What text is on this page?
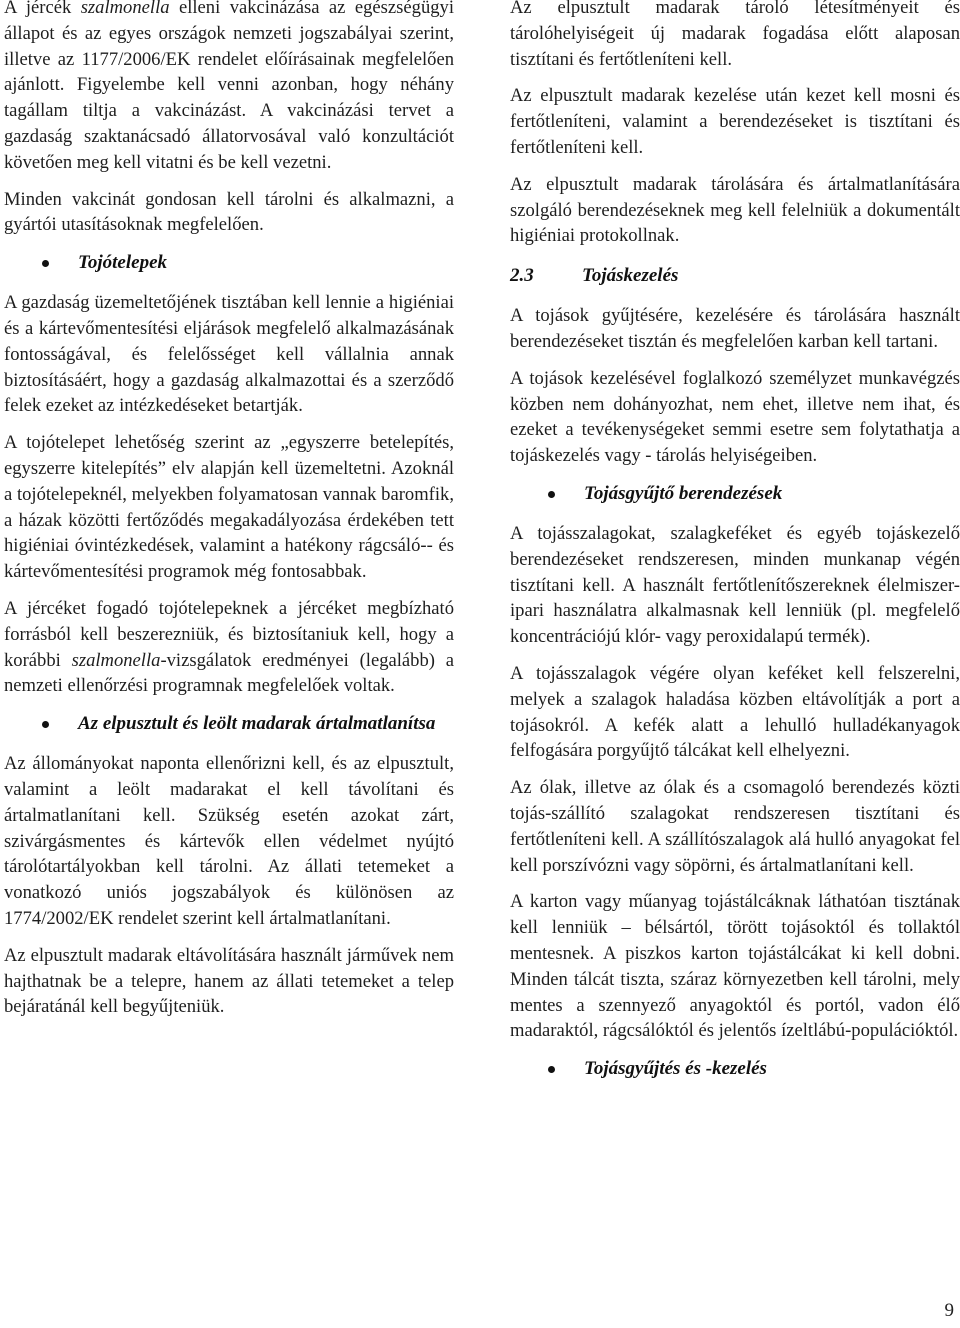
A jércék szalmonella elleni vakcinázása az egészségügyi állapot és az egyes országok nemzeti jogszabályai szerint, illetve az 1177/2006/EK rendelet előírásainak megfelelően ajánlott. Figyelembe kell venni azonban, hogy néhány tagállam tiltja a vakcinázást. A vakcinázási tervet a gazdaság szaktanácsadó állatorvosával való konzultációt követően meg kell vitatni és be kell vezetni.

Minden vakcinát gondosan kell tárolni és alkalmazni, a gyártói utasításoknak megfelelően.

Tojótelepek

A gazdaság üzemeltetőjének tisztában kell lennie a higiéniai és a kártevőmentesítési eljárások megfelelő alkalmazásának fontosságával, és felelősséget kell vállalnia annak biztosításáért, hogy a gazdaság alkalmazottai és a szerződő felek ezeket az intézkedéseket betartják.

A tojótelepet lehetőség szerint az „egyszerre betelepítés, egyszerre kitelepítés” elv alapján kell üzemeltetni. Azoknál a tojótelepeknél, melyekben folyamatosan vannak baromfik, a házak közötti fertőződés megakadályozása érdekében tett higiéniai óvintézkedések, valamint a hatékony rágcsáló-- és kártevőmentesítési programok még fontosabbak.

A jércéket fogadó tojótelepeknek a jércéket megbízható forrásból kell beszerezniük, és biztosítaniuk kell, hogy a korábbi szalmonella-vizsgálatok eredményei (legalább) a nemzeti ellenőrzési programnak megfelelőek voltak.

Az elpusztult és leölt madarak ártalmatlanítsa

Az állományokat naponta ellenőrizni kell, és az elpusztult, valamint a leölt madarakat el kell távolítani és ártalmatlanítani kell. Szükség esetén azokat zárt, szivárgásmentes és kártevők ellen védelmet nyújtó tárolótartályokban kell tárolni. Az állati tetemeket a vonatkozó uniós jogszabályok és különösen az 1774/2002/EK rendelet szerint kell ártalmatlanítani.

Az elpusztult madarak eltávolítására használt járművek nem hajthatnak be a telepre, hanem az állati tetemeket a telep bejáratánál kell begyűjteniük.

Az elpusztult madarak tároló létesítményeit és tárolóhelyiségeit új madarak fogadása előtt alaposan tisztítani és fertőtleníteni kell.

Az elpusztult madarak kezelése után kezet kell mosni és fertőtleníteni, valamint a berendezéseket is tisztítani és fertőtleníteni kell.

Az elpusztult madarak tárolására és ártalmatlanítására szolgáló berendezéseknek meg kell felelniük a dokumentált higiéniai protokollnak.

2.3	Tojáskezelés

A tojások gyűjtésére, kezelésére és tárolására használt berendezéseket tisztán és megfelelően karban kell tartani.

A tojások kezelésével foglalkozó személyzet munkavégzés közben nem dohányozhat, nem ehet, illetve nem ihat, és ezeket a tevékenységeket semmi esetre sem folytathatja a tojáskezelés vagy - tárolás helyiségeiben.

Tojásgyűjtő berendezések

A tojásszalagokat, szalagkeféket és egyéb tojáskezelő berendezéseket rendszeresen, minden munkanap végén tisztítani kell. A használt fertőtlenítőszereknek élelmiszer-ipari használatra alkalmasnak kell lenniük (pl. megfelelő koncentrációjú klór- vagy peroxidalapú termék).

A tojásszalagok végére olyan keféket kell felszerelni, melyek a szalagok haladása közben eltávolítják a port a tojásokról. A kefék alatt a lehulló hulladékanyagok felfogására porgyűjtő tálcákat kell elhelyezni.

Az ólak, illetve az ólak és a csomagoló berendezés közti tojás-szállító szalagokat rendszeresen tisztítani és fertőtleníteni kell. A szállítószalagok alá hulló anyagokat fel kell porszívózni vagy söpörni, és ártalmatlanítani kell.

A karton vagy műanyag tojástálcáknak láthatóan tisztának kell lenniük – bélsártól, törött tojásoktól és tollaktól mentesnek. A piszkos karton tojástálcákat ki kell dobni. Minden tálcát tiszta, száraz környezetben kell tárolni, mely mentes a szennyező anyagoktól és portól, vadon élő madaraktól, rágcsálóktól és jelentős ízeltlábú-populációktól.

Tojásgyűjtés és -kezelés
9
